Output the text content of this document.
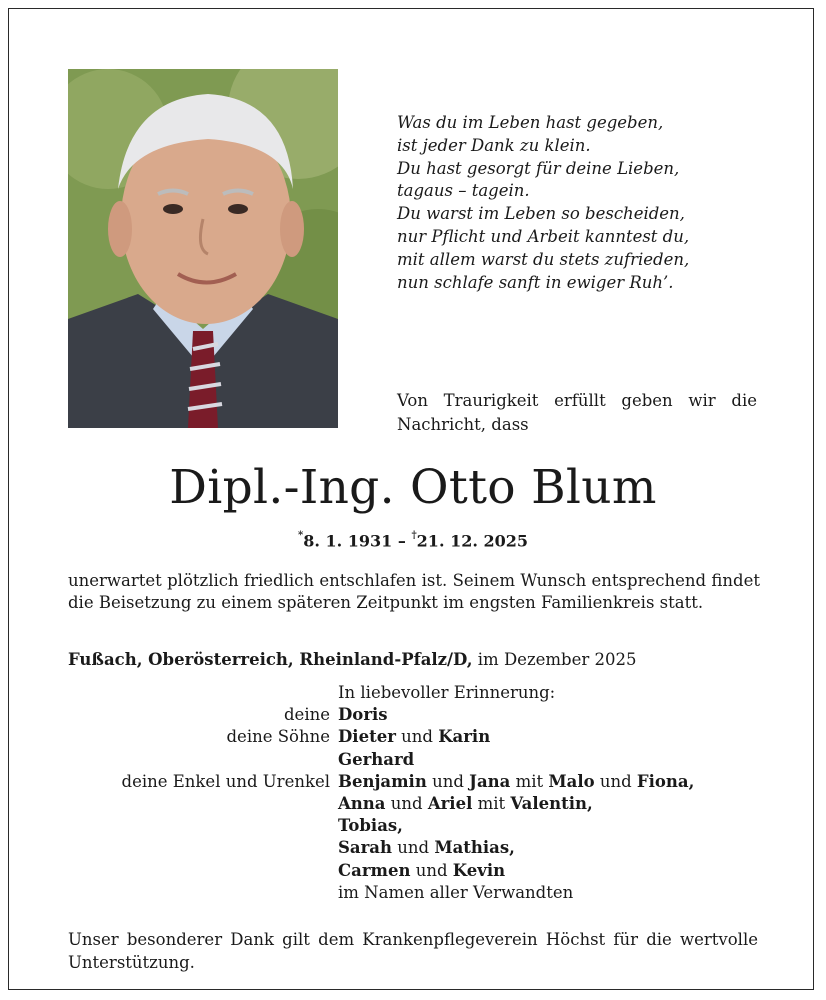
Was du im Leben hast gegeben,
ist jeder Dank zu klein.
Du hast gesorgt für deine Lieben,
tagaus – tagein.
Du warst im Leben so bescheiden,
nur Pflicht und Arbeit kanntest du,
mit allem warst du stets zufrieden,
nun schlafe sanft in ewiger Ruh’.
Von Traurigkeit erfüllt geben wir die Nachricht, dass
Dipl.-Ing. Otto Blum
*8. 1. 1931 – †21. 12. 2025
unerwartet plötzlich friedlich entschlafen ist. Seinem Wunsch entsprechend findet die Beisetzung zu einem späteren Zeitpunkt im engsten Familienkreis statt.
Fußach, Oberösterreich, Rheinland-Pfalz/D, im Dezember 2025
In liebevoller Erinnerung:
deine Doris
deine Söhne Dieter und Karin
Gerhard
deine Enkel und Urenkel Benjamin und Jana mit Malo und Fiona,
Anna und Ariel mit Valentin,
Tobias,
Sarah und Mathias,
Carmen und Kevin
im Namen aller Verwandten
Unser besonderer Dank gilt dem Krankenpflegeverein Höchst für die wertvolle Unterstützung.
